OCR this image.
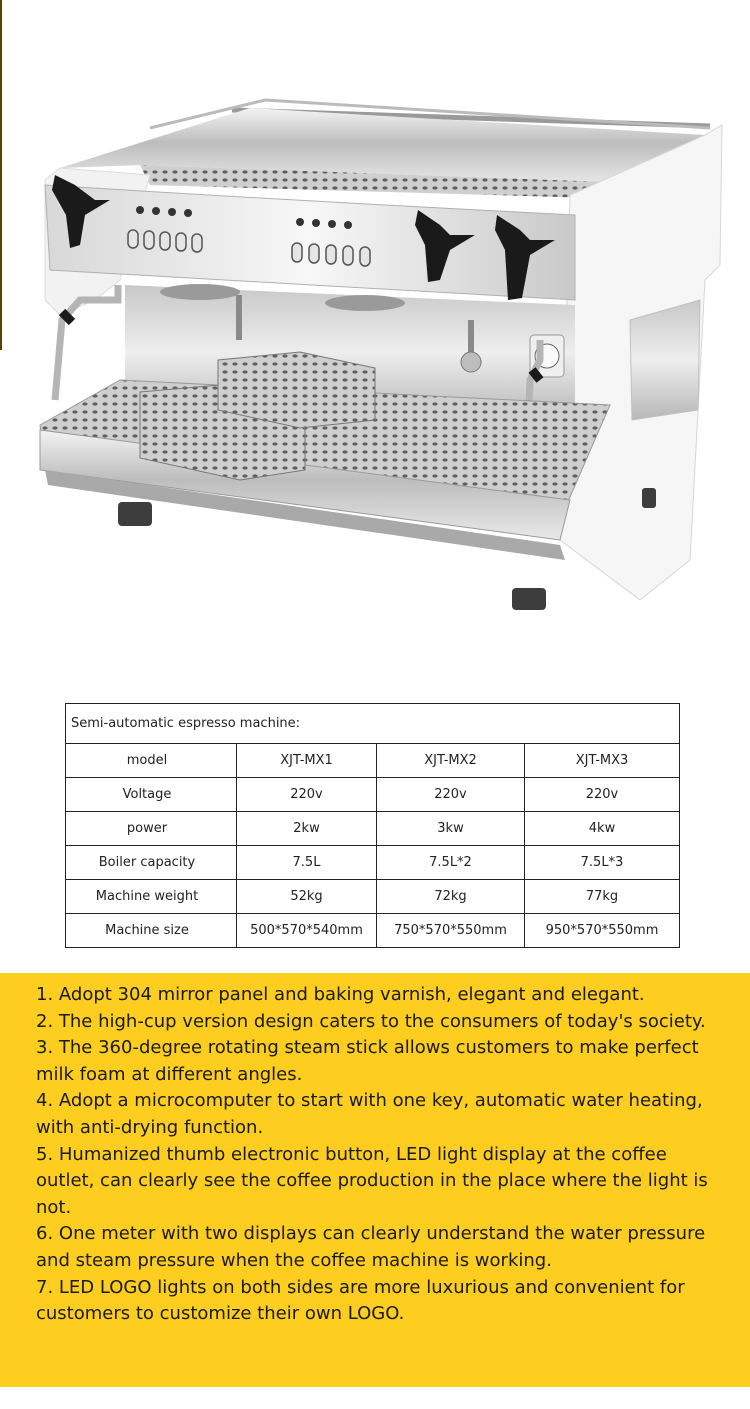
Semi-automatic espresso machine:			
model	XJT-MX1	XJT-MX2	XJT-MX3
Voltage	220v	220v	220v
power	2kw	3kw	4kw
Boiler capacity	7.5L	7.5L*2	7.5L*3
Machine weight	52kg	72kg	77kg
Machine size	500*570*540mm	750*570*550mm	950*570*550mm
1. Adopt 304 mirror panel and baking varnish, elegant and elegant.
2. The high-cup version design caters to the consumers of today's society.
3. The 360-degree rotating steam stick allows customers to make perfect milk foam at different angles.
4. Adopt a microcomputer to start with one key, automatic water heating, with anti-drying function.
5. Humanized thumb electronic button, LED light display at the coffee outlet, can clearly see the coffee production in the place where the light is not.
6. One meter with two displays can clearly understand the water pressure and steam pressure when the coffee machine is working.
7. LED LOGO lights on both sides are more luxurious and convenient for customers to customize their own LOGO.
